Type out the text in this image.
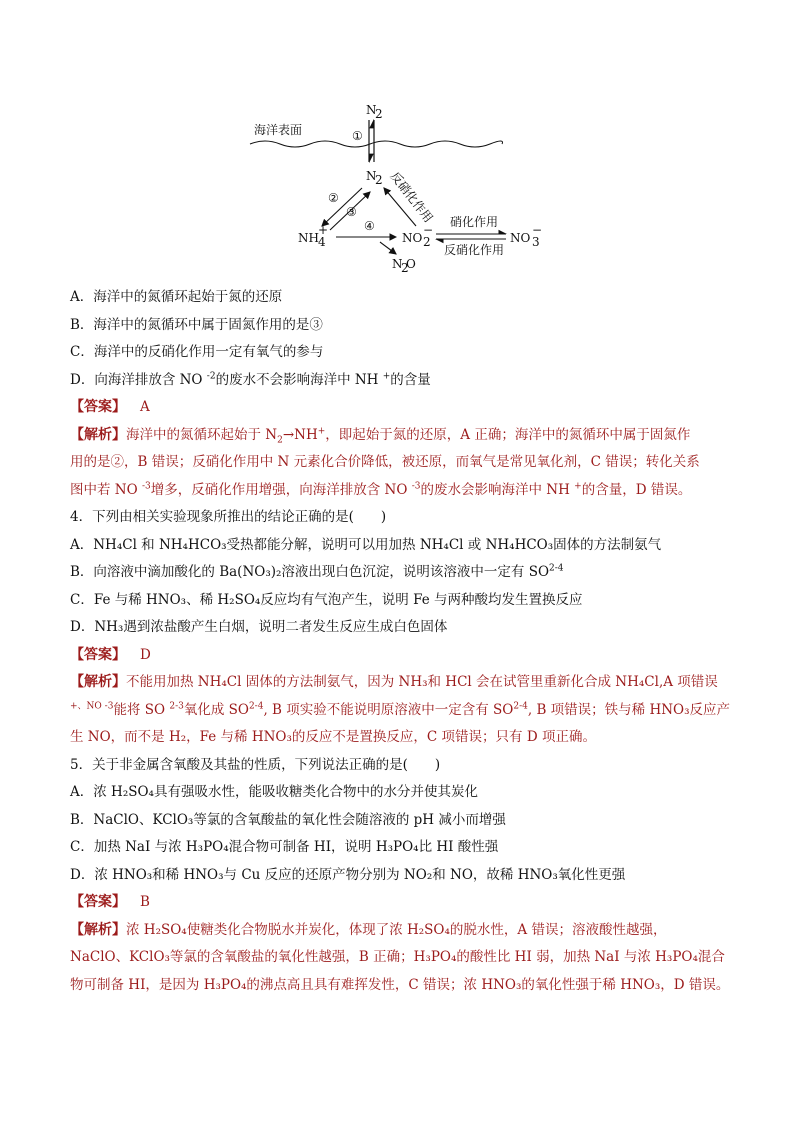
海洋表面
N
2
①
N
2
NH 4
+
②
③
NO 2
−
④
N
2
O
反硝化作用
NO 3
−
硝化作用
反硝化作用
A．海洋中的氮循环起始于氮的还原
B．海洋中的氮循环中属于固氮作用的是③
C．海洋中的反硝化作用一定有氧气的参与
D．向海洋排放含 NO $^{-2}$的废水不会影响海洋中 NH +的含量
【答案】 A
【解析】海洋中的氮循环起始于 $N_2\to NH^+$，即起始于氮的还原，A 正确；海洋中的氮循环中属于固氮作
用的是②，B 错误；反硝化作用中 N 元素化合价降低，被还原，而氧气是常见氧化剂，C 错误；转化关系
图中若 NO $^{-3}$增多，反硝化作用增强，向海洋排放含 NO $^{-3}$的废水会影响海洋中 NH +的含量，D 错误。
4．下列由相关实验现象所推出的结论正确的是(　　)
A．NH₄Cl 和 NH₄HCO₃受热都能分解，说明可以用加热 NH₄Cl 或 NH₄HCO₃固体的方法制氨气
B．向溶液中滴加酸化的 Ba(NO₃)₂溶液出现白色沉淀，说明该溶液中一定有 SO$^{2-4}$
C．Fe 与稀 HNO₃、稀 H₂SO₄反应均有气泡产生，说明 Fe 与两种酸均发生置换反应
D．NH₃遇到浓盐酸产生白烟，说明二者发生反应生成白色固体
【答案】 D
【解析】不能用加热 NH₄Cl 固体的方法制氨气，因为 NH₃和 HCl 会在试管里重新化合成 NH₄Cl,A 项错误
$^{+、NO}$ $^{-3}$能将 SO $^{2-3}$氧化成 SO$^{2-4}$, B 项实验不能说明原溶液中一定含有 SO$^{2-4}$, B 项错误；铁与稀 HNO₃反应产
生 NO，而不是 H₂，Fe 与稀 HNO₃的反应不是置换反应，C 项错误；只有 D 项正确。
5．关于非金属含氧酸及其盐的性质，下列说法正确的是(　　)
A．浓 H₂SO₄具有强吸水性，能吸收糖类化合物中的水分并使其炭化
B．NaClO、KClO₃等氯的含氧酸盐的氧化性会随溶液的 pH 减小而增强
C．加热 NaI 与浓 H₃PO₄混合物可制备 HI，说明 H₃PO₄比 HI 酸性强
D．浓 HNO₃和稀 HNO₃与 Cu 反应的还原产物分别为 NO₂和 NO，故稀 HNO₃氧化性更强
【答案】 B
【解析】浓 H₂SO₄使糖类化合物脱水并炭化，体现了浓 H₂SO₄的脱水性，A 错误；溶液酸性越强，
NaClO、KClO₃等氯的含氧酸盐的氧化性越强，B 正确；H₃PO₄的酸性比 HI 弱，加热 NaI 与浓 H₃PO₄混合
物可制备 HI，是因为 H₃PO₄的沸点高且具有难挥发性，C 错误；浓 HNO₃的氧化性强于稀 HNO₃，D 错误。
